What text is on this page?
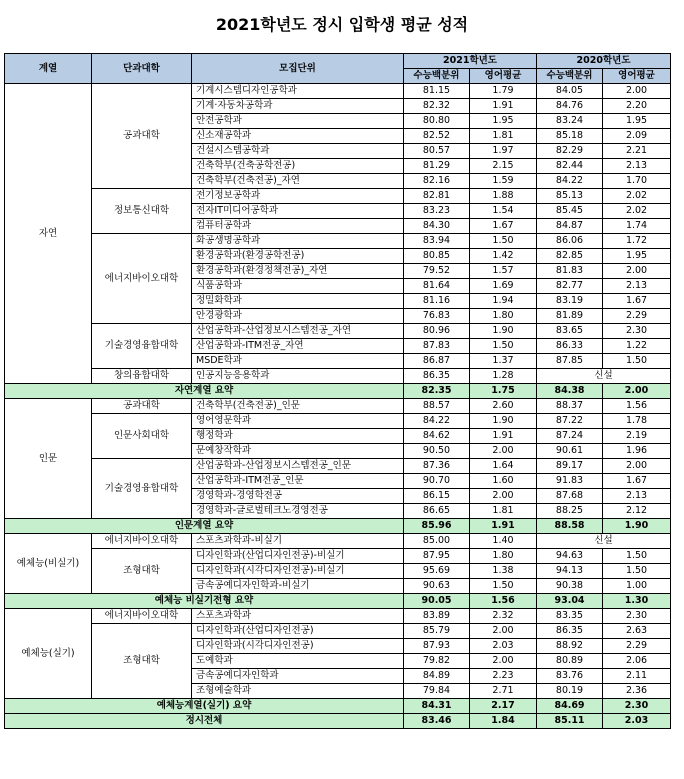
2021학년도 정시 입학생 평균 성적
계열	단과대학	모집단위	2021학년도		2020학년도	
			수능백분위	영어평균	수능백분위	영어평균
자연	공과대학	기계시스템디자인공학과	81.15	1.79	84.05	2.00
		기계·자동차공학과	82.32	1.91	84.76	2.20
		안전공학과	80.80	1.95	83.24	1.95
		신소재공학과	82.52	1.81	85.18	2.09
		건설시스템공학과	80.57	1.97	82.29	2.21
		건축학부(건축공학전공)	81.29	2.15	82.44	2.13
		건축학부(건축전공)_자연	82.16	1.59	84.22	1.70
	정보통신대학	전기정보공학과	82.81	1.88	85.13	2.02
		전자IT미디어공학과	83.23	1.54	85.45	2.02
		컴퓨터공학과	84.30	1.67	84.87	1.74
	에너지바이오대학	화공생명공학과	83.94	1.50	86.06	1.72
		환경공학과(환경공학전공)	80.85	1.42	82.85	1.95
		환경공학과(환경정책전공)_자연	79.52	1.57	81.83	2.00
		식품공학과	81.64	1.69	82.77	2.13
		정밀화학과	81.16	1.94	83.19	1.67
		안경광학과	76.83	1.80	81.89	2.29
	기술경영융합대학	산업공학과-산업정보시스템전공_자연	80.96	1.90	83.65	2.30
		산업공학과-ITM전공_자연	87.83	1.50	86.33	1.22
		MSDE학과	86.87	1.37	87.85	1.50
	창의융합대학	인공지능응용학과	86.35	1.28	신설	
자연계열 요약			82.35	1.75	84.38	2.00
인문	공과대학	건축학부(건축전공)_인문	88.57	2.60	88.37	1.56
	인문사회대학	영어영문학과	84.22	1.90	87.22	1.78
		행정학과	84.62	1.91	87.24	2.19
		문예창작학과	90.50	2.00	90.61	1.96
	기술경영융합대학	산업공학과-산업정보시스템전공_인문	87.36	1.64	89.17	2.00
		산업공학과-ITM전공_인문	90.70	1.60	91.83	1.67
		경영학과-경영학전공	86.15	2.00	87.68	2.13
		경영학과-글로벌테크노경영전공	86.65	1.81	88.25	2.12
인문계열 요약			85.96	1.91	88.58	1.90
예체능(비실기)	에너지바이오대학	스포츠과학과-비실기	85.00	1.40	신설	
	조형대학	디자인학과(산업디자인전공)-비실기	87.95	1.80	94.63	1.50
		디자인학과(시각디자인전공)-비실기	95.69	1.38	94.13	1.50
		금속공예디자인학과-비실기	90.63	1.50	90.38	1.00
예체능 비실기전형 요약			90.05	1.56	93.04	1.30
예체능(실기)	에너지바이오대학	스포츠과학과	83.89	2.32	83.35	2.30
	조형대학	디자인학과(산업디자인전공)	85.79	2.00	86.35	2.63
		디자인학과(시각디자인전공)	87.93	2.03	88.92	2.29
		도예학과	79.82	2.00	80.89	2.06
		금속공예디자인학과	84.89	2.23	83.76	2.11
		조형예술학과	79.84	2.71	80.19	2.36
예체능계열(실기) 요약			84.31	2.17	84.69	2.30
정시전체			83.46	1.84	85.11	2.03
